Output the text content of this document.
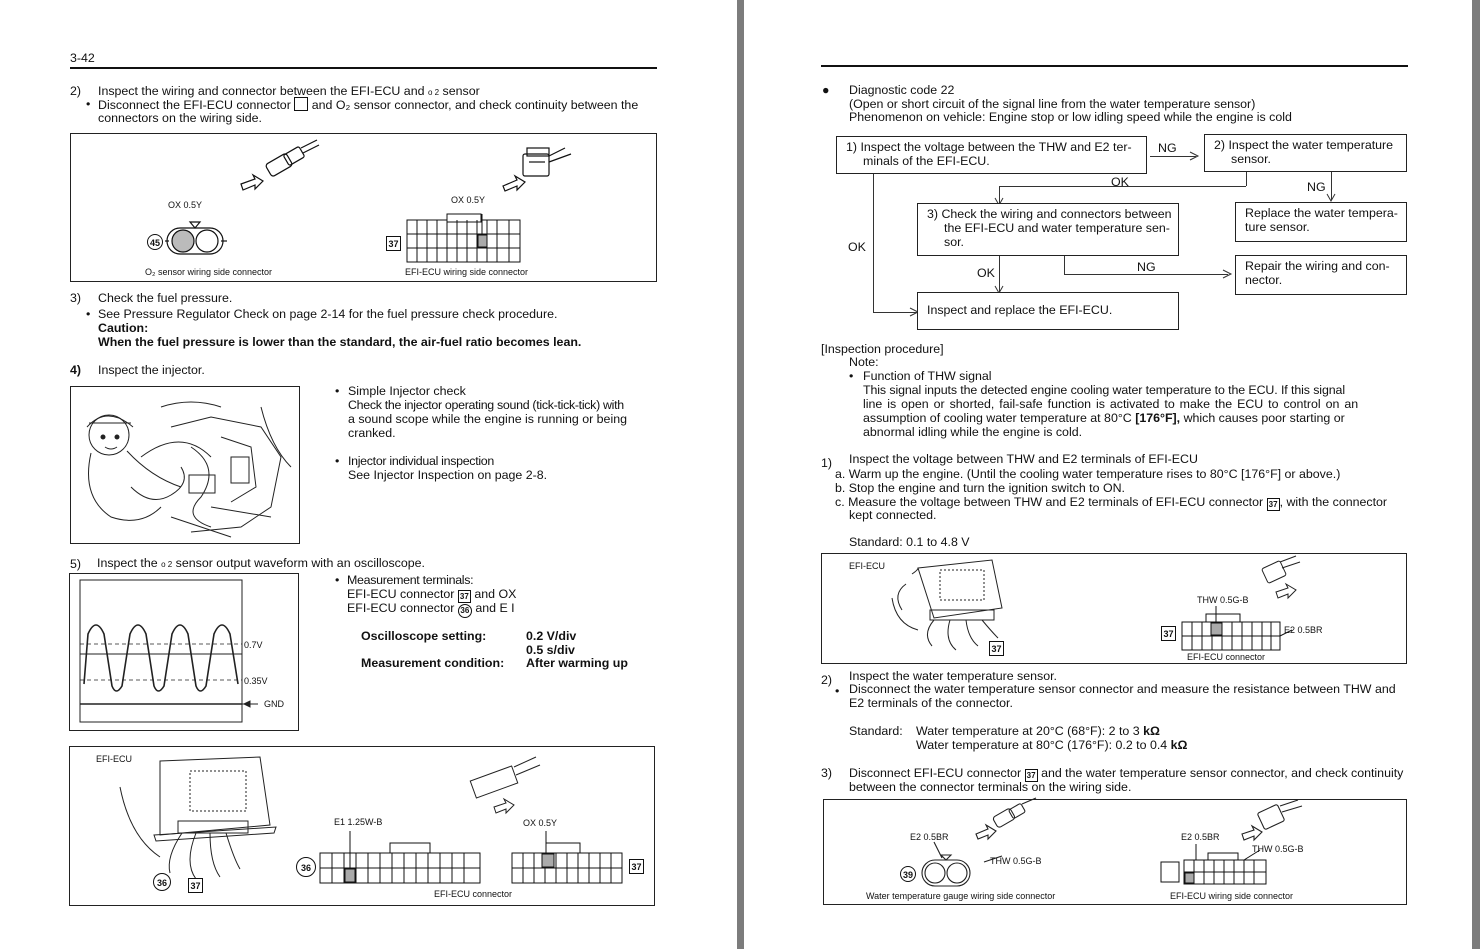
3-42
2) Inspect the wiring and connector between the EFI-ECU and o 2 sensor
• Disconnect the EFI-ECU connector and O₂ sensor connector, and check continuity between the
connectors on the wiring side.
OX 0.5Y
45
O₂ sensor wiring side connector
OX 0.5Y
37
EFI-ECU wiring side connector
3) Check the fuel pressure.
• See Pressure Regulator Check on page 2-14 for the fuel pressure check procedure.
Caution:
When the fuel pressure is lower than the standard, the air-fuel ratio becomes lean.
4) Inspect the injector.
• Simple Injector check
Check the injector operating sound (tick-tick-tick) with
a sound scope while the engine is running or being
cranked.
• Injector individual inspection
See Injector Inspection on page 2-8.
5) Inspect the o 2 sensor output waveform with an oscilloscope.
0.7V
0.35V
GND
• Measurement terminals:
EFI-ECU connector 37 and OX
EFI-ECU connector 36 and E I
Oscilloscope setting:	0.2 V/div
0.5 s/div
Measurement condition: After warming up
EFI-ECU
36	37
E1 1.25W-B	OX 0.5Y
36	37
EFI-ECU connector
● Diagnostic code 22
(Open or short circuit of the signal line from the water temperature sensor)
Phenomenon on vehicle: Engine stop or low idling speed while the engine is cold
1) Inspect the voltage between the THW and E2 ter-
minals of the EFI-ECU.
NG	2) Inspect the water temperature
sensor.
OK	NG
OK
3) Check the wiring and connectors between
the EFI-ECU and water temperature sen-
sor.
Replace the water tempera-
ture sensor.
OK	NG	Repair the wiring and con-
nector.
Inspect and replace the EFI-ECU.
[Inspection procedure]
Note:
• Function of THW signal
This signal inputs the detected engine cooling water temperature to the ECU. If this signal
line is open or shorted, fail-safe function is activated to make the ECU to control on an
assumption of cooling water temperature at 80°C [176°F], which causes poor starting or
abnormal idling while the engine is cold.
1) Inspect the voltage between THW and E2 terminals of EFI-ECU
a. Warm up the engine. (Until the cooling water temperature rises to 80°C [176°F] or above.)
b. Stop the engine and turn the ignition switch to ON.
c. Measure the voltage between THW and E2 terminals of EFI-ECU connector 37 , with the connector
kept connected.
Standard: 0.1 to 4.8 V
EFI-ECU
37
THW 0.5G-B
E2 0.5BR
37
EFI-ECU connector
2) Inspect the water temperature sensor.
• Disconnect the water temperature sensor connector and measure the resistance between THW and
E2 terminals of the connector.
Standard: Water temperature at 20°C (68°F): 2 to 3 kΩ
Water temperature at 80°C (176°F): 0.2 to 0.4 kΩ
3) Disconnect EFI-ECU connector 37 and the water temperature sensor connector, and check continuity
between the connector terminals on the wiring side.
E2 0.5BR
THW 0.5G-B
39
Water temperature gauge wiring side connector
E2 0.5BR
THW 0.5G-B
EFI-ECU wiring side connector
